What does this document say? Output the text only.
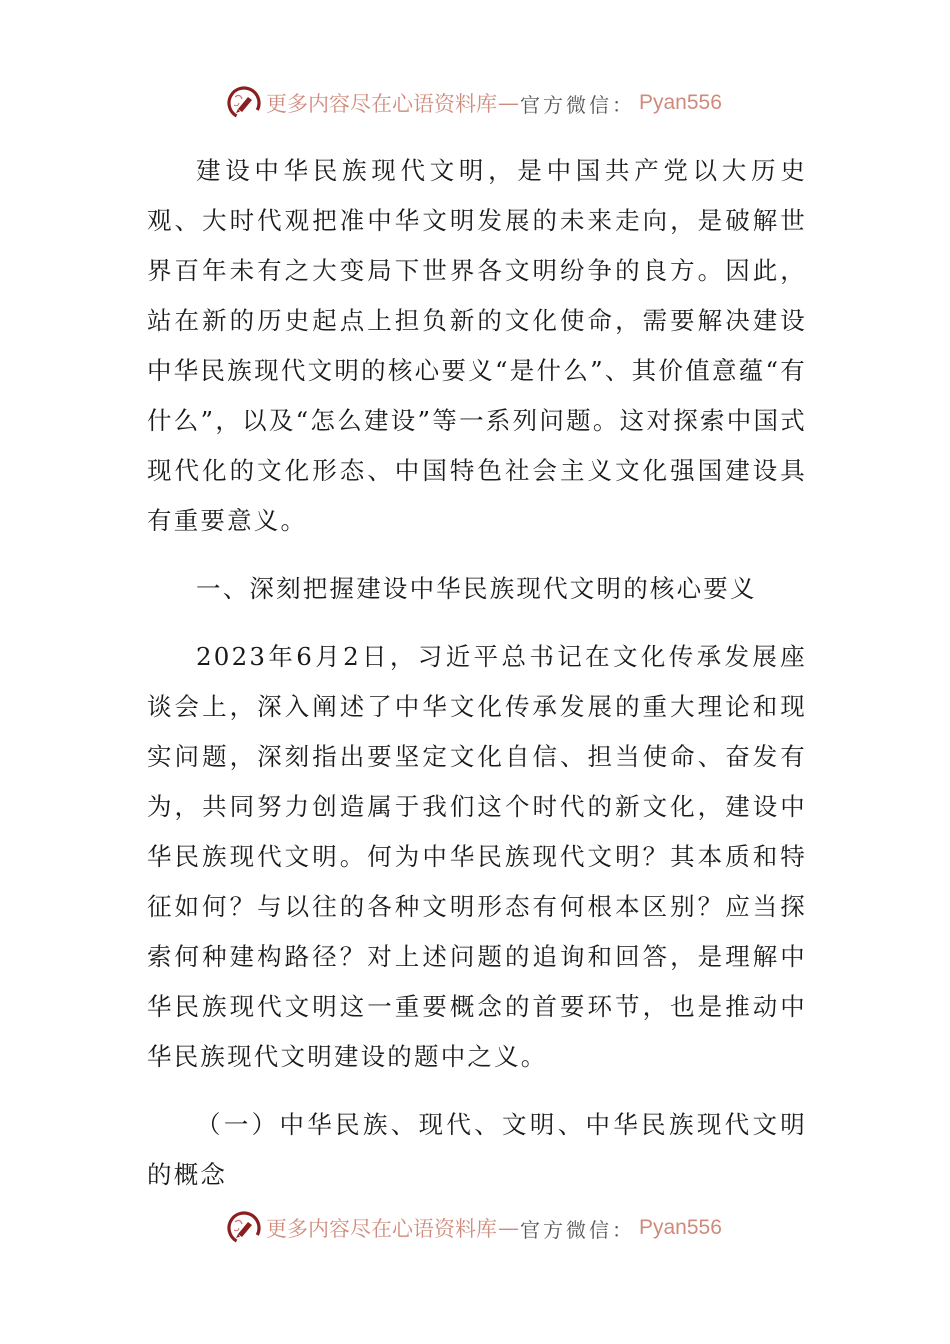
更多内容尽在心语资料库 — 官方微信： Pyan556

建设中华民族现代文明，是中国共产党以大历史观、大时代观把准中华文明发展的未来走向，是破解世界百年未有之大变局下世界各文明纷争的良方。因此，站在新的历史起点上担负新的文化使命，需要解决建设中华民族现代文明的核心要义“是什么”、其价值意蕴“有什么”，以及“怎么建设”等一系列问题。这对探索中国式现代化的文化形态、中国特色社会主义文化强国建设具有重要意义。

一、深刻把握建设中华民族现代文明的核心要义

2023年6月2日，习近平总书记在文化传承发展座谈会上，深入阐述了中华文化传承发展的重大理论和现实问题，深刻指出要坚定文化自信、担当使命、奋发有为，共同努力创造属于我们这个时代的新文化，建设中华民族现代文明。何为中华民族现代文明？其本质和特征如何？与以往的各种文明形态有何根本区别？应当探索何种建构路径？对上述问题的追询和回答，是理解中华民族现代文明这一重要概念的首要环节，也是推动中华民族现代文明建设的题中之义。

（一）中华民族、现代、文明、中华民族现代文明的概念

更多内容尽在心语资料库 — 官方微信： Pyan556
